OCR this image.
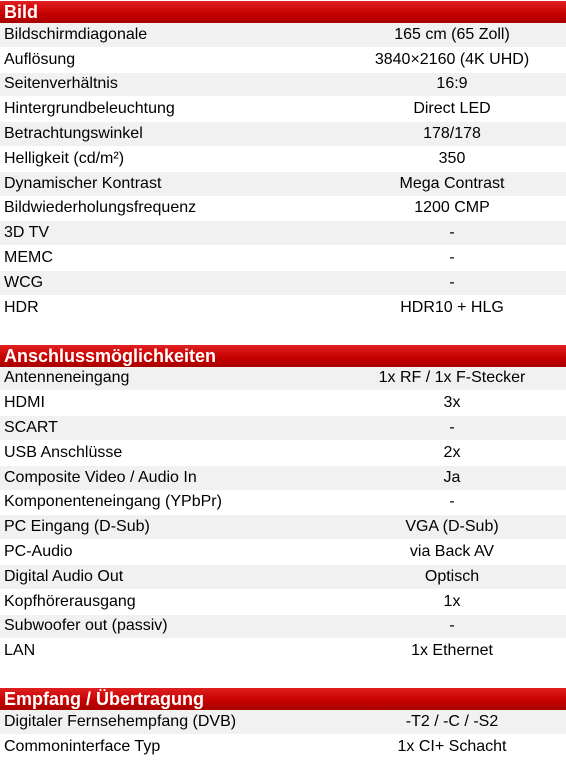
Bild
Bildschirmdiagonale	165 cm (65 Zoll)
Auflösung	3840×2160 (4K UHD)
Seitenverhältnis	16:9
Hintergrundbeleuchtung	Direct LED
Betrachtungswinkel	178/178
Helligkeit (cd/m²)	350
Dynamischer Kontrast	Mega Contrast
Bildwiederholungsfrequenz	1200 CMP
3D TV	-
MEMC	-
WCG	-
HDR	HDR10 + HLG
Anschlussmöglichkeiten
Antenneneingang	1x RF / 1x F-Stecker
HDMI	3x
SCART	-
USB Anschlüsse	2x
Composite Video / Audio In	Ja
Komponenteneingang (YPbPr)	-
PC Eingang (D-Sub)	VGA (D-Sub)
PC-Audio	via Back AV
Digital Audio Out	Optisch
Kopfhörerausgang	1x
Subwoofer out (passiv)	-
LAN	1x Ethernet
Empfang / Übertragung
Digitaler Fernsehempfang (DVB)	-T2 / -C / -S2
Commoninterface Typ	1x CI+ Schacht
